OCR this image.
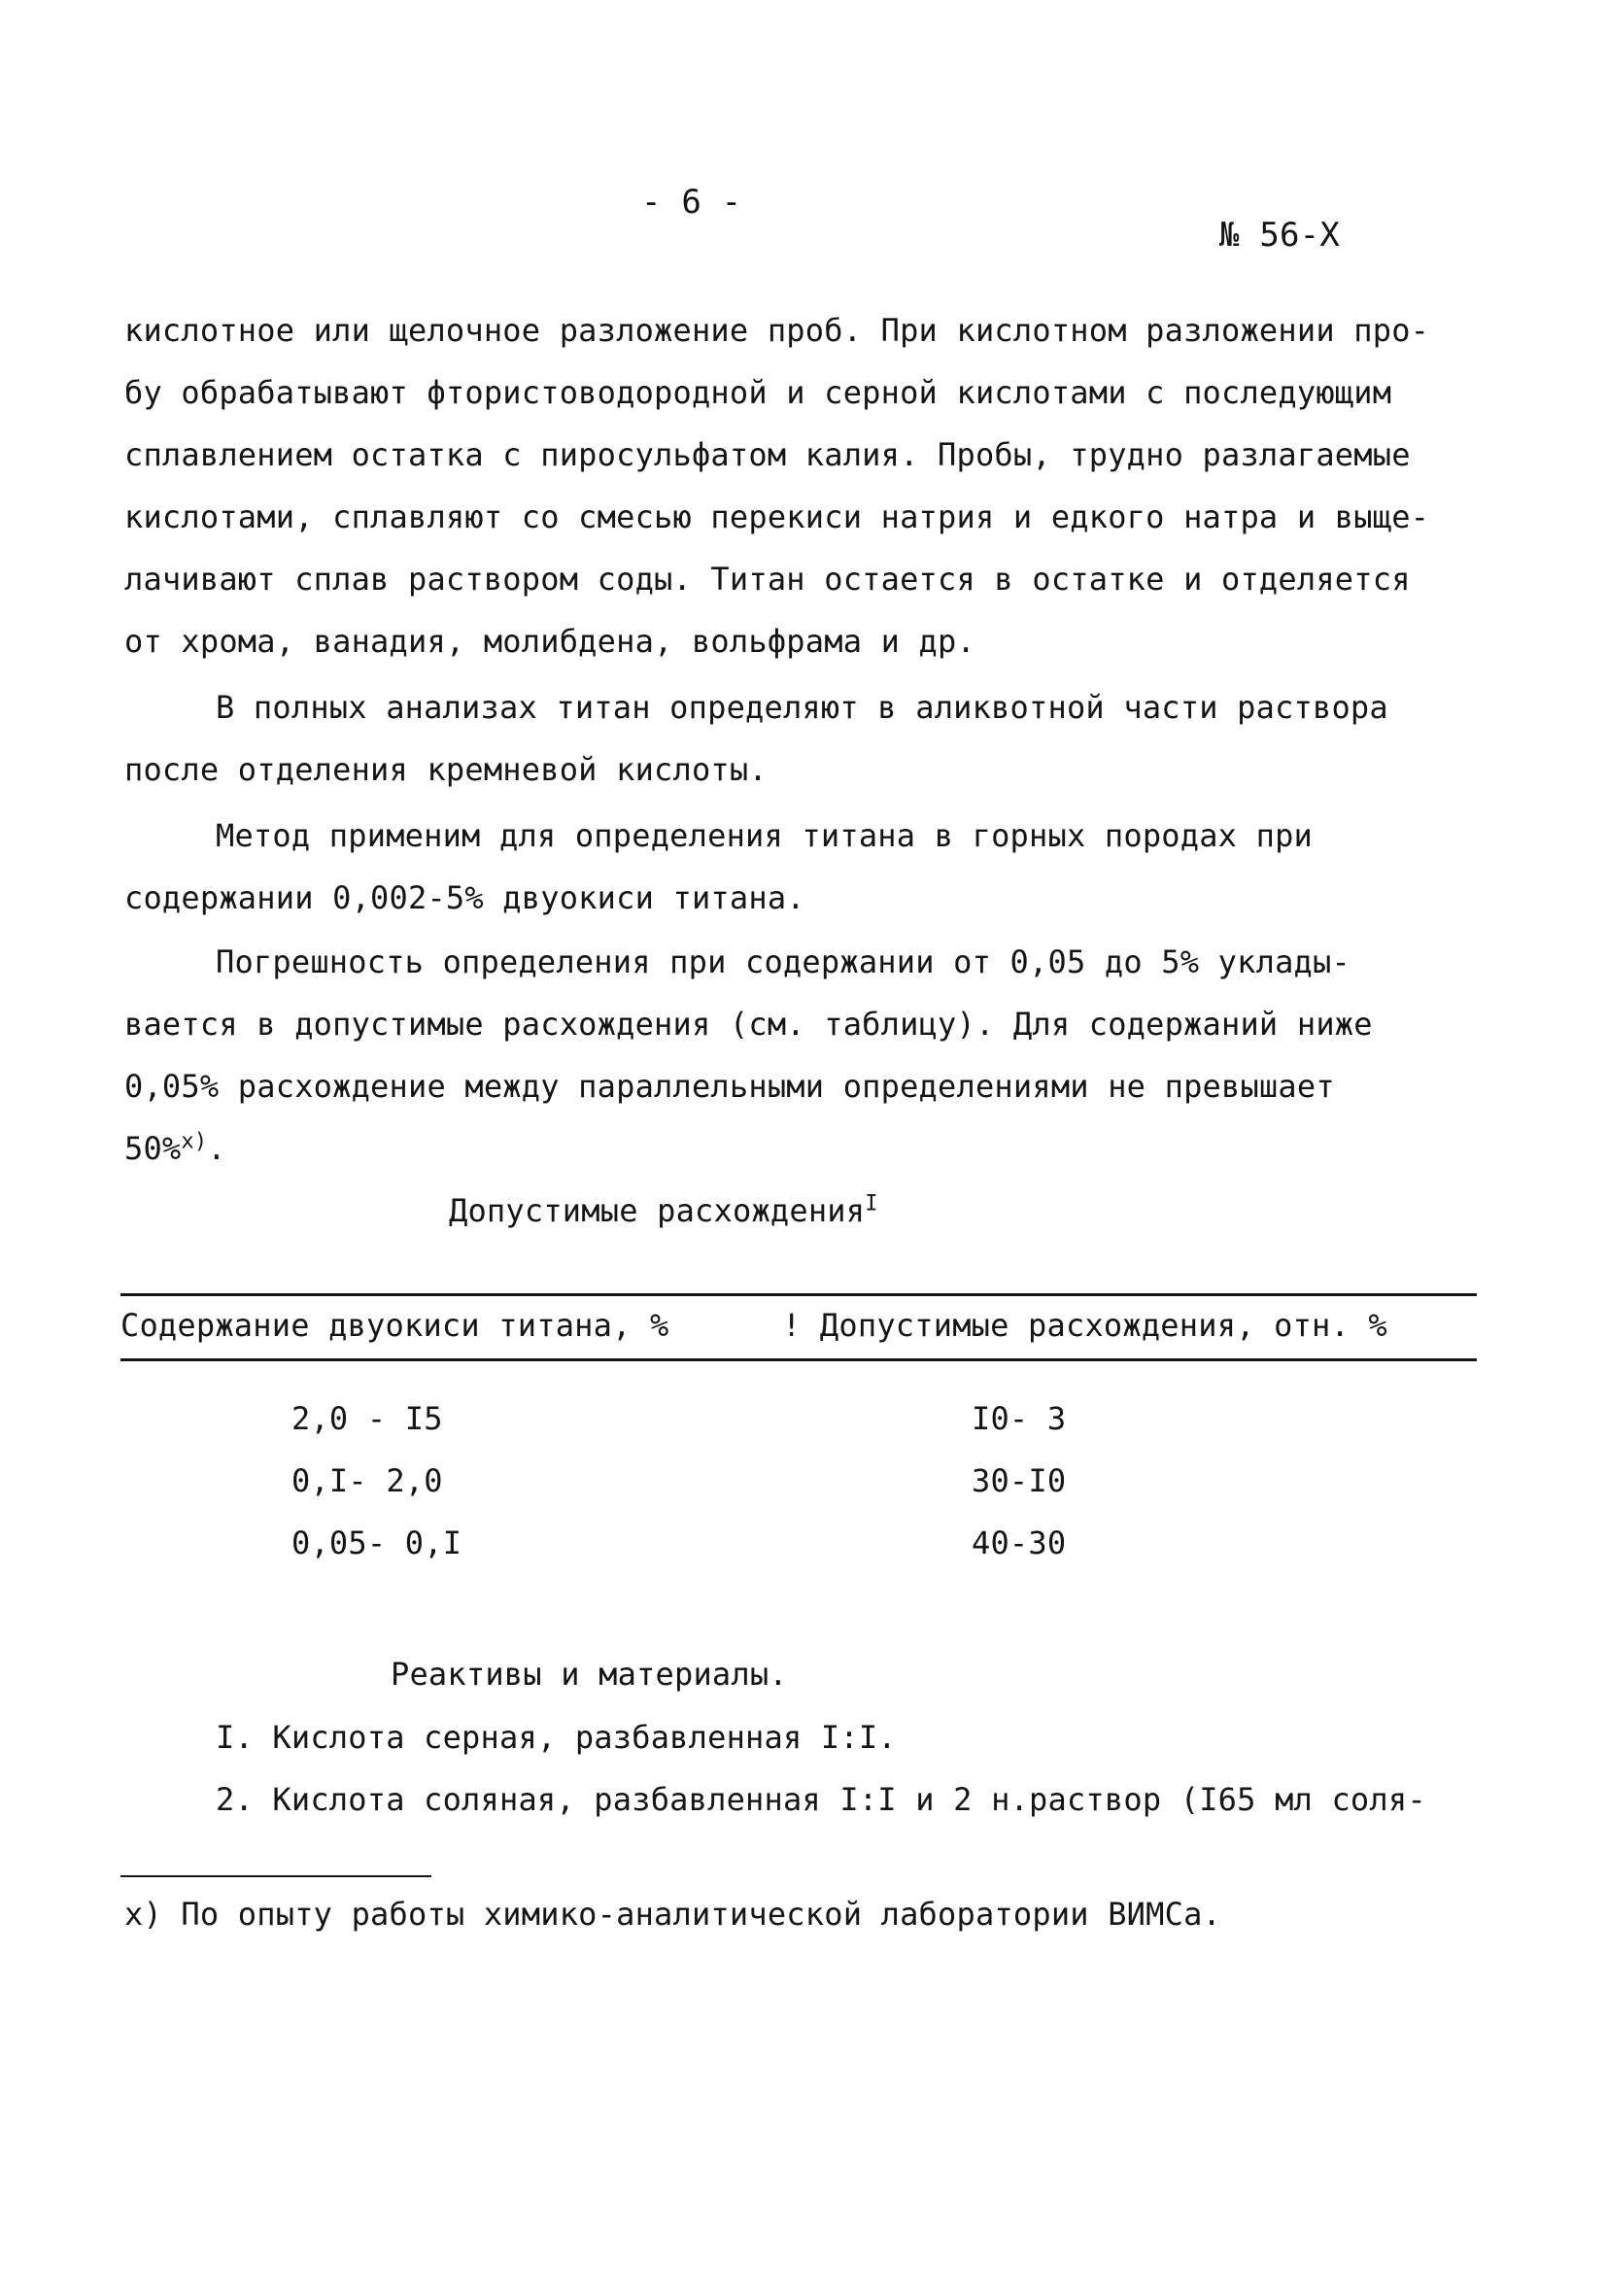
- 6 -
№ 56-X
кислотное или щелочное разложение проб. При кислотном разложении про-
бу обрабатывают фтористоводородной и серной кислотами с последующим
сплавлением остатка с пиросульфатом калия. Пробы, трудно разлагаемые
кислотами, сплавляют со смесью перекиси натрия и едкого натра и выще-
лачивают сплав раствором соды. Титан остается в остатке и отделяется
от хрома, ванадия, молибдена, вольфрама и др.
В полных анализах титан определяют в аликвотной части раствора
после отделения кремневой кислоты.
Метод применим для определения титана в горных породах при
содержании 0,002-5% двуокиси титана.
Погрешность определения при содержании от 0,05 до 5% уклады-
вается в допустимые расхождения (см. таблицу). Для содержаний ниже
0,05% расхождение между параллельными определениями не превышает
50%$^{x)}$.
Допустимые расхождения$^I$
Содержание двуокиси титана, %	! Допустимые расхождения, отн. %
2,0 - I5	I0- 3
0,I- 2,0	30-I0
0,05- 0,I	40-30
Реактивы и материалы.
I. Кислота серная, разбавленная I:I.
2. Кислота соляная, разбавленная I:I и 2 н.раствор (I65 мл соля-
x) По опыту работы химико-аналитической лаборатории ВИМСа.
